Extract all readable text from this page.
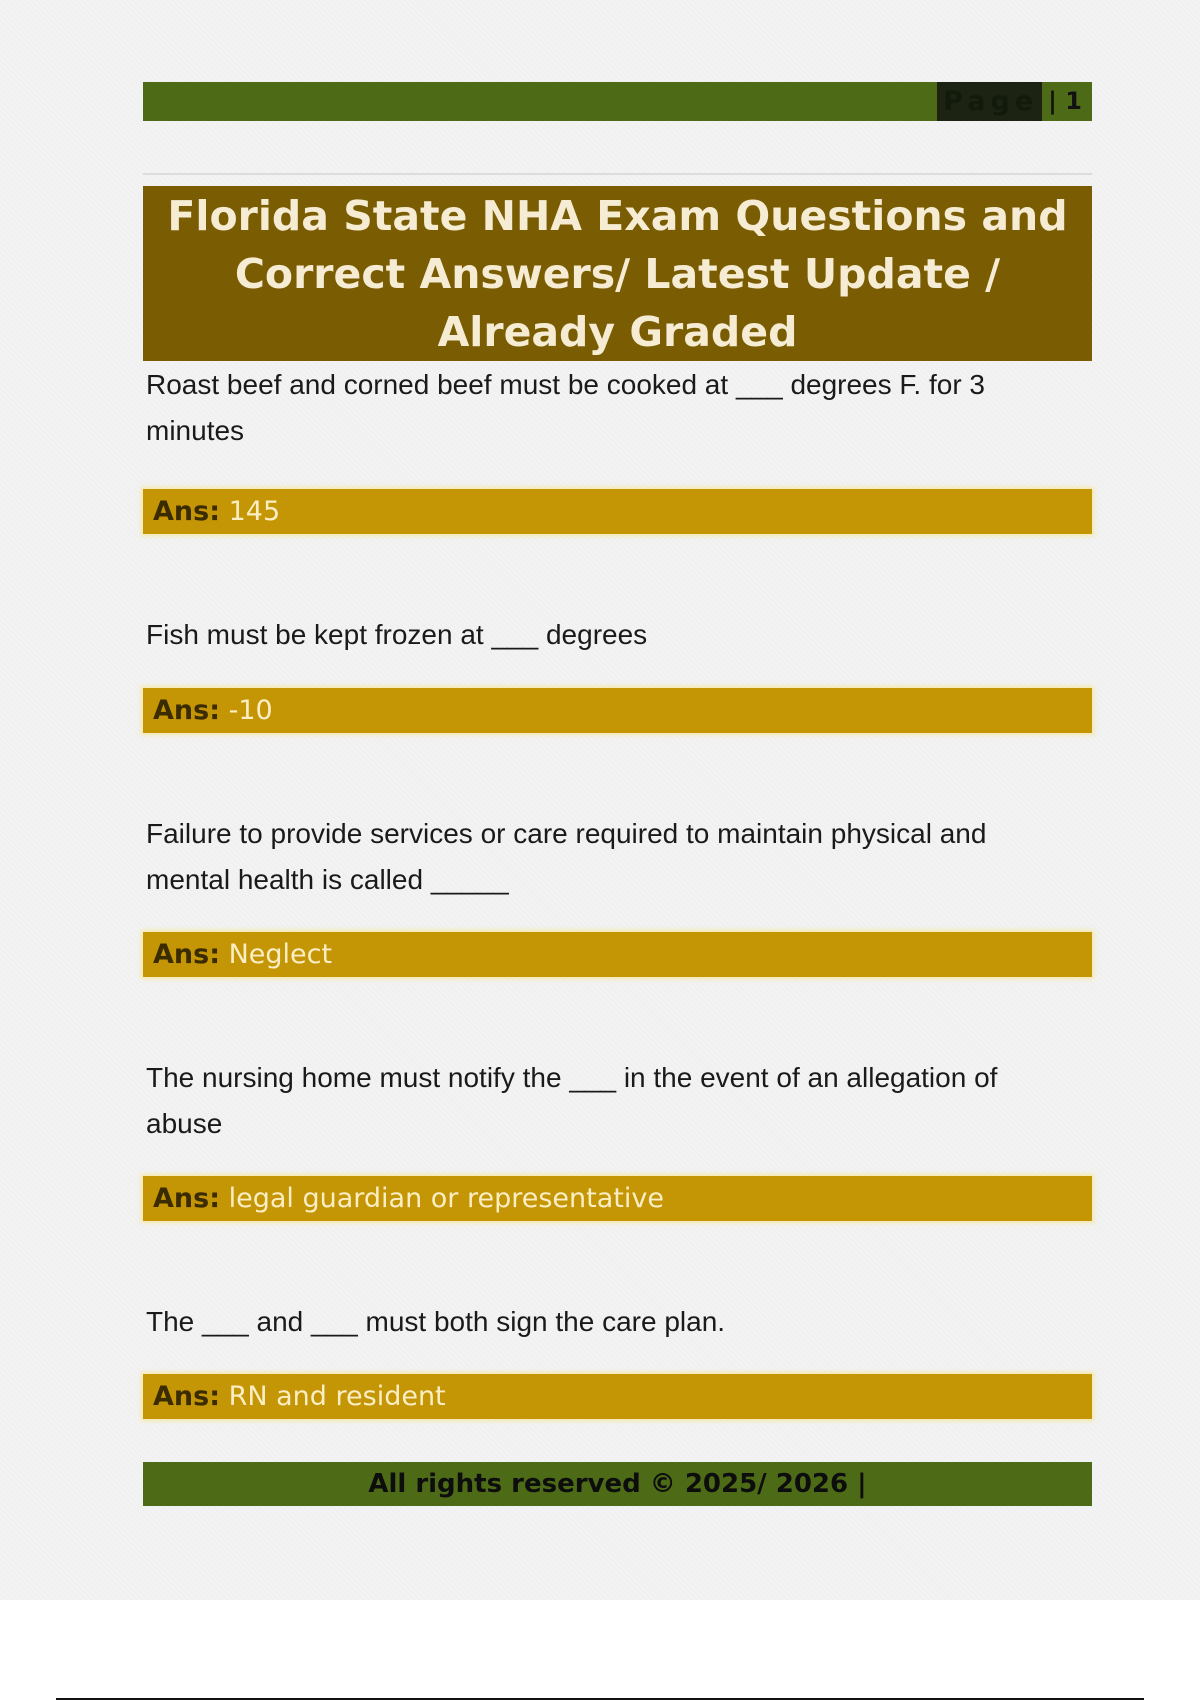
Page | 1
Florida State NHA Exam Questions and Correct Answers/ Latest Update / Already Graded
Roast beef and corned beef must be cooked at ___ degrees F. for 3 minutes
Ans: 145
Fish must be kept frozen at ___ degrees
Ans: -10
Failure to provide services or care required to maintain physical and mental health is called _____
Ans: Neglect
The nursing home must notify the ___ in the event of an allegation of abuse
Ans: legal guardian or representative
The ___ and ___ must both sign the care plan.
Ans: RN and resident
All rights reserved © 2025/ 2026 |
